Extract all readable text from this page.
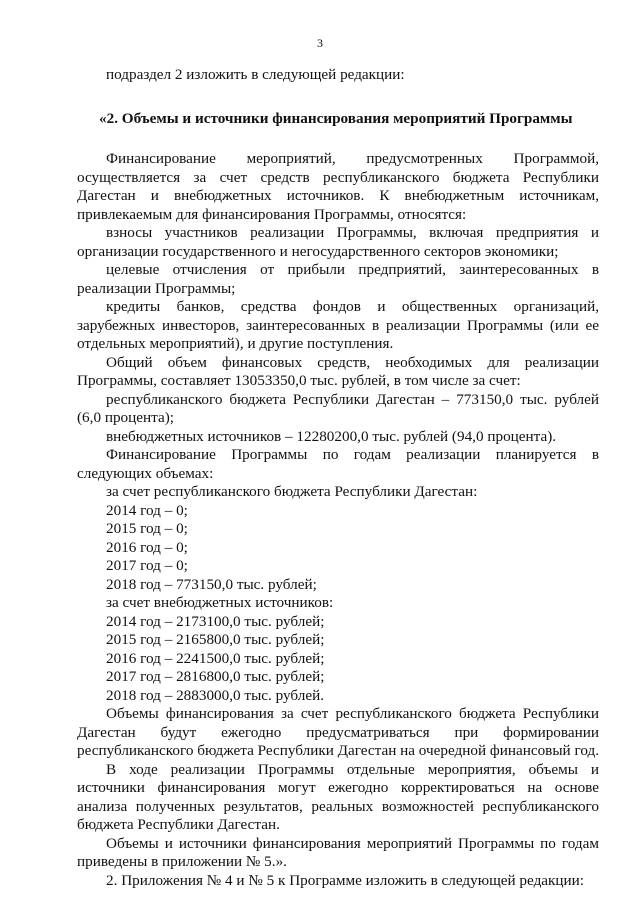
3

подраздел 2 изложить в следующей редакции:

«2. Объемы и источники финансирования мероприятий Программы

Финансирование мероприятий, предусмотренных Программой, осуществляется за счет средств республиканского бюджета Республики Дагестан и внебюджетных источников. К внебюджетным источникам, привлекаемым для финансирования Программы, относятся:

взносы участников реализации Программы, включая предприятия и организации государственного и негосударственного секторов экономики;

целевые отчисления от прибыли предприятий, заинтересованных в реализации Программы;

кредиты банков, средства фондов и общественных организаций, зарубежных инвесторов, заинтересованных в реализации Программы (или ее отдельных мероприятий), и другие поступления.

Общий объем финансовых средств, необходимых для реализации Программы, составляет 13053350,0 тыс. рублей, в том числе за счет:

республиканского бюджета Республики Дагестан – 773150,0 тыс. рублей (6,0 процента);

внебюджетных источников – 12280200,0 тыс. рублей (94,0 процента).

Финансирование Программы по годам реализации планируется в следующих объемах:

за счет республиканского бюджета Республики Дагестан:

2014 год – 0;

2015 год – 0;

2016 год – 0;

2017 год – 0;

2018 год – 773150,0 тыс. рублей;

за счет внебюджетных источников:

2014 год – 2173100,0 тыс. рублей;

2015 год – 2165800,0 тыс. рублей;

2016 год – 2241500,0 тыс. рублей;

2017 год – 2816800,0 тыс. рублей;

2018 год – 2883000,0 тыс. рублей.

Объемы финансирования за счет республиканского бюджета Республики Дагестан будут ежегодно предусматриваться при формировании республиканского бюджета Республики Дагестан на очередной финансовый год.

В ходе реализации Программы отдельные мероприятия, объемы и источники финансирования могут ежегодно корректироваться на основе анализа полученных результатов, реальных возможностей республиканского бюджета Республики Дагестан.

Объемы и источники финансирования мероприятий Программы по годам приведены в приложении № 5.».

2. Приложения № 4 и № 5 к Программе изложить в следующей редакции:
